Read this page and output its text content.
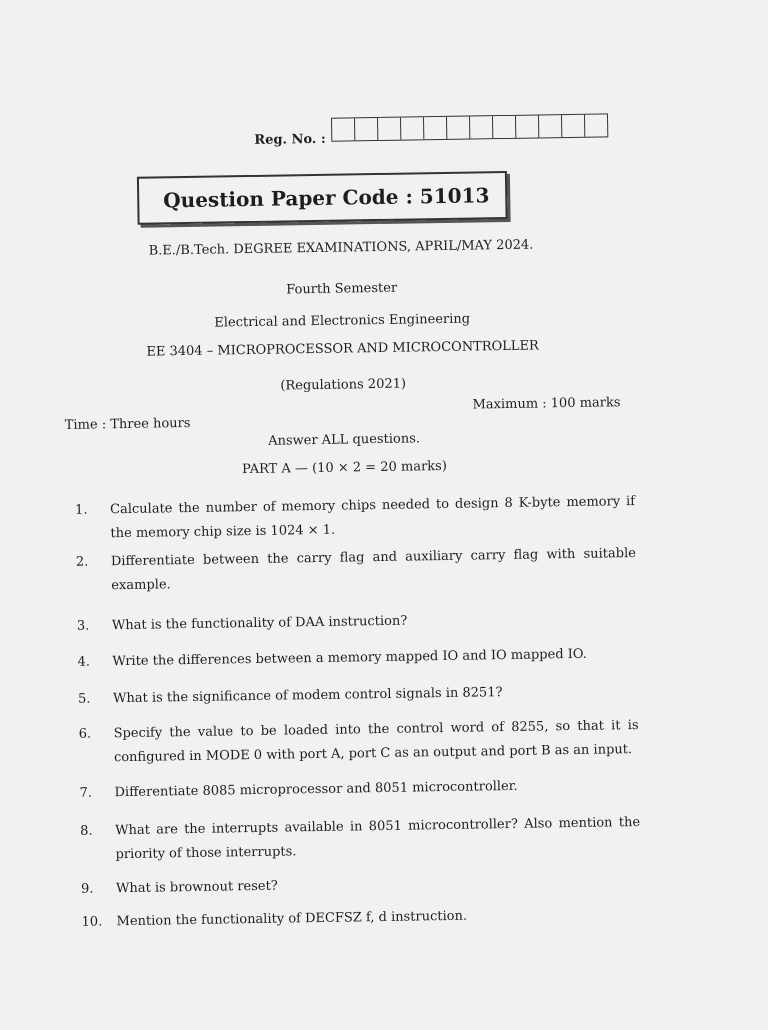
Reg. No. :
Question Paper Code : 51013
B.E./B.Tech. DEGREE EXAMINATIONS, APRIL/MAY 2024.
Fourth Semester
Electrical and Electronics Engineering
EE 3404 – MICROPROCESSOR AND MICROCONTROLLER
(Regulations 2021)
Time : Three hours
Maximum : 100 marks
Answer ALL questions.
PART A — (10 × 2 = 20 marks)
1.	Calculate the number of memory chips needed to design 8 K-byte memory if the memory chip size is 1024 × 1.
2.	Differentiate between the carry flag and auxiliary carry flag with suitable example.
3.	What is the functionality of DAA instruction?
4.	Write the differences between a memory mapped IO and IO mapped IO.
5.	What is the significance of modem control signals in 8251?
6.	Specify the value to be loaded into the control word of 8255, so that it is configured in MODE 0 with port A, port C as an output and port B as an input.
7.	Differentiate 8085 microprocessor and 8051 microcontroller.
8.	What are the interrupts available in 8051 microcontroller? Also mention the priority of those interrupts.
9.	What is brownout reset?
10.	Mention the functionality of DECFSZ f, d instruction.
